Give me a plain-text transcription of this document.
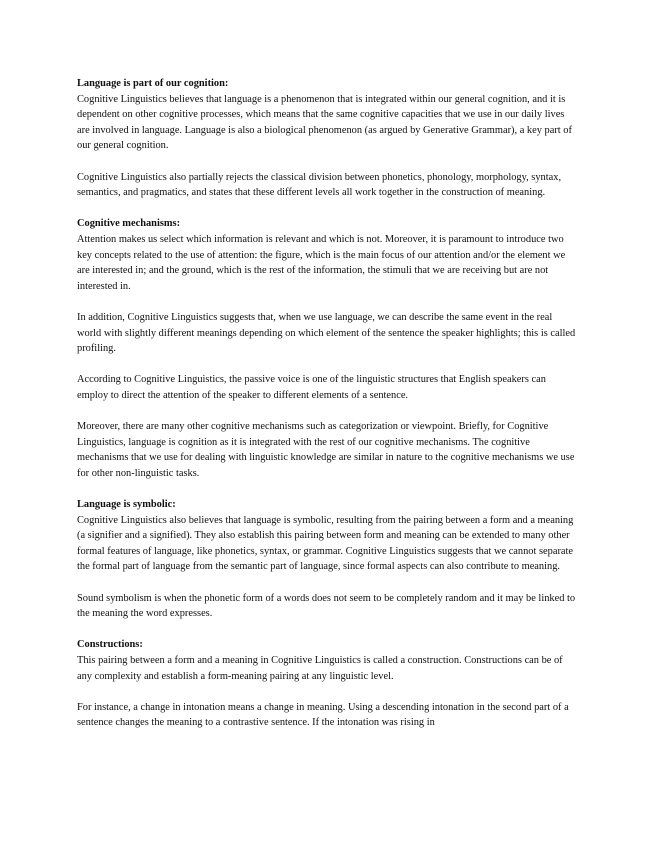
Language is part of our cognition:

Cognitive Linguistics believes that language is a phenomenon that is integrated within our general cognition, and it is dependent on other cognitive processes, which means that the same cognitive capacities that we use in our daily lives are involved in language. Language is also a biological phenomenon (as argued by Generative Grammar), a key part of our general cognition.

Cognitive Linguistics also partially rejects the classical division between phonetics, phonology, morphology, syntax, semantics, and pragmatics, and states that these different levels all work together in the construction of meaning.

Cognitive mechanisms:

Attention makes us select which information is relevant and which is not. Moreover, it is paramount to introduce two key concepts related to the use of attention: the figure, which is the main focus of our attention and/or the element we are interested in; and the ground, which is the rest of the information, the stimuli that we are receiving but are not interested in.

In addition, Cognitive Linguistics suggests that, when we use language, we can describe the same event in the real world with slightly different meanings depending on which element of the sentence the speaker highlights; this is called profiling.

According to Cognitive Linguistics, the passive voice is one of the linguistic structures that English speakers can employ to direct the attention of the speaker to different elements of a sentence.

Moreover, there are many other cognitive mechanisms such as categorization or viewpoint. Briefly, for Cognitive Linguistics, language is cognition as it is integrated with the rest of our cognitive mechanisms. The cognitive mechanisms that we use for dealing with linguistic knowledge are similar in nature to the cognitive mechanisms we use for other non-linguistic tasks.

Language is symbolic:

Cognitive Linguistics also believes that language is symbolic, resulting from the pairing between a form and a meaning (a signifier and a signified). They also establish this pairing between form and meaning can be extended to many other formal features of language, like phonetics, syntax, or grammar. Cognitive Linguistics suggests that we cannot separate the formal part of language from the semantic part of language, since formal aspects can also contribute to meaning.

Sound symbolism is when the phonetic form of a words does not seem to be completely random and it may be linked to the meaning the word expresses.

Constructions:

This pairing between a form and a meaning in Cognitive Linguistics is called a construction. Constructions can be of any complexity and establish a form-meaning pairing at any linguistic level.

For instance, a change in intonation means a change in meaning. Using a descending intonation in the second part of a sentence changes the meaning to a contrastive sentence. If the intonation was rising in
